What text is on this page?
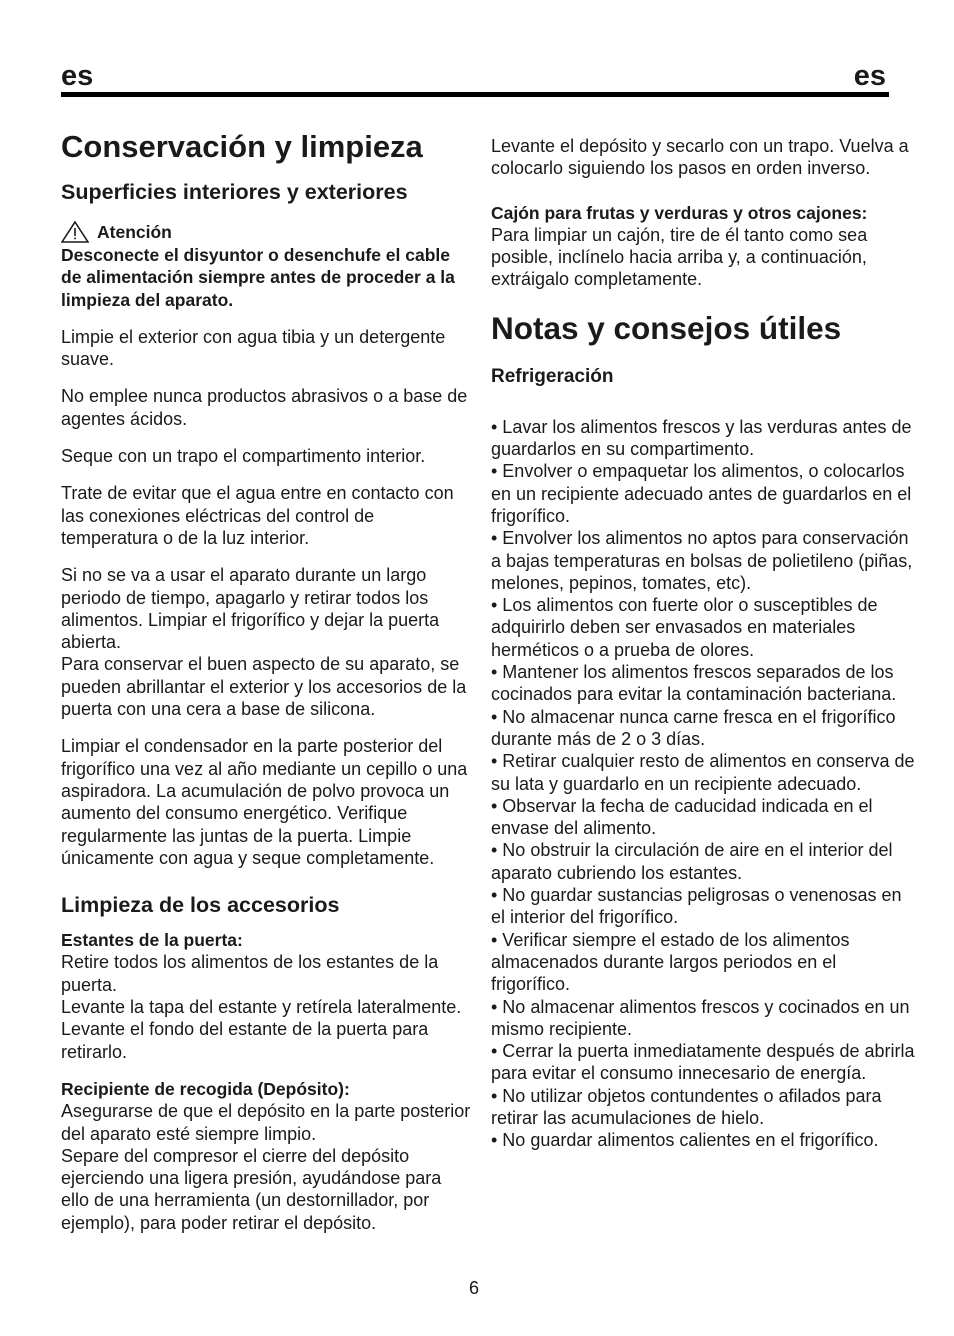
es	es
Conservación y limpieza
Superficies interiores y exteriores
Atención

Desconecte el disyuntor o desenchufe el cable de alimentación siempre antes de proceder a la limpieza del aparato.

Limpie el exterior con agua tibia y un detergente suave.

No emplee nunca productos abrasivos o a base de agentes ácidos.

Seque con un trapo el compartimento interior.

Trate de evitar que el agua entre en contacto con las conexiones eléctricas del control de temperatura o de la luz interior.

Si no se va a usar el aparato durante un largo periodo de tiempo, apagarlo y retirar todos los alimentos. Limpiar el frigorífico y dejar la puerta abierta.

Para conservar el buen aspecto de su aparato, se pueden abrillantar el exterior y los accesorios de la puerta con una cera a base de silicona.

Limpiar el condensador en la parte posterior del frigorífico una vez al año mediante un cepillo o una aspiradora. La acumulación de polvo provoca un aumento del consumo energético. Verifique regularmente las juntas de la puerta. Limpie únicamente con agua y seque completamente.

Limpieza de los accesorios

Estantes de la puerta:

Retire todos los alimentos de los estantes de la puerta.

Levante la tapa del estante y retírela lateralmente.

Levante el fondo del estante de la puerta para retirarlo.

Recipiente de recogida (Depósito):

Asegurarse de que el depósito en la parte posterior del aparato esté siempre limpio.

Separe del compresor el cierre del depósito ejerciendo una ligera presión, ayudándose para ello de una herramienta (un destornillador, por ejemplo), para poder retirar el depósito.

Levante el depósito y secarlo con un trapo. Vuelva a colocarlo siguiendo los pasos en orden inverso.

Cajón para frutas y verduras y otros cajones:

Para limpiar un cajón, tire de él tanto como sea posible, inclínelo hacia arriba y, a continuación, extráigalo completamente.

Notas y consejos útiles
Refrigeración

• Lavar los alimentos frescos y las verduras antes de guardarlos en su compartimento.

• Envolver o empaquetar los alimentos, o colocarlos en un recipiente adecuado antes de guardarlos en el frigorífico.

• Envolver los alimentos no aptos para conservación a bajas temperaturas en bolsas de polietileno (piñas, melones, pepinos, tomates, etc).

• Los alimentos con fuerte olor o susceptibles de adquirirlo deben ser envasados en materiales herméticos o a prueba de olores.

• Mantener los alimentos frescos separados de los cocinados para evitar la contaminación bacteriana.

• No almacenar nunca carne fresca en el frigorífico durante más de 2 o 3 días.

• Retirar cualquier resto de alimentos en conserva de su lata y guardarlo en un recipiente adecuado.

• Observar la fecha de caducidad indicada en el envase del alimento.

• No obstruir la circulación de aire en el interior del aparato cubriendo los estantes.

• No guardar sustancias peligrosas o venenosas en el interior del frigorífico.

• Verificar siempre el estado de los alimentos almacenados durante largos periodos en el frigorífico.

• No almacenar alimentos frescos y cocinados en un mismo recipiente.

• Cerrar la puerta inmediatamente después de abrirla para evitar el consumo innecesario de energía.

• No utilizar objetos contundentes o afilados para retirar las acumulaciones de hielo.

• No guardar alimentos calientes en el frigorífico.

6
